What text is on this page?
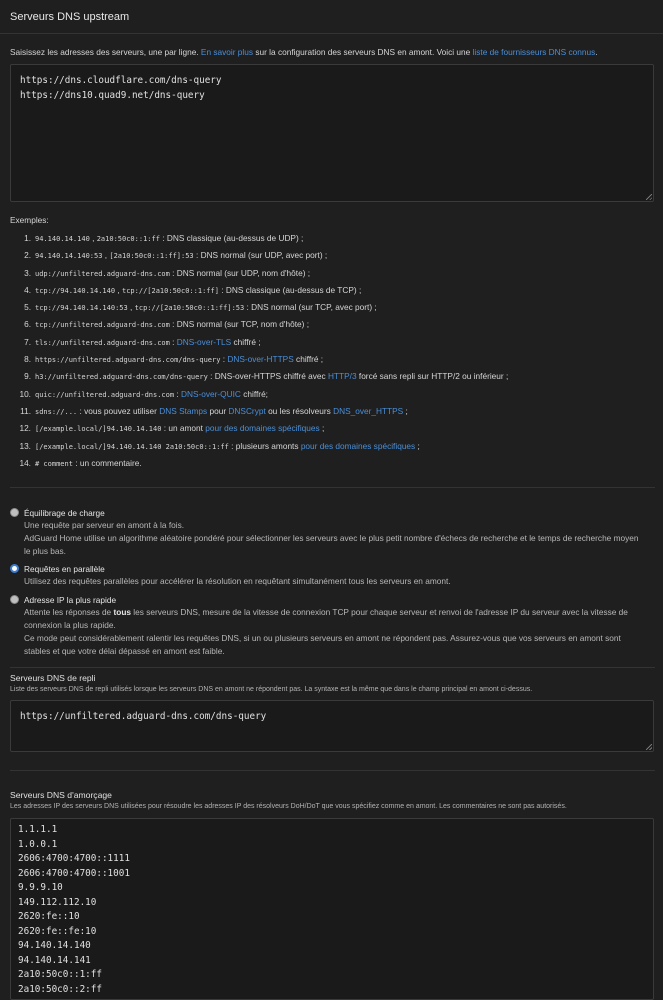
Serveurs DNS upstream
Saisissez les adresses des serveurs, une par ligne. En savoir plus sur la configuration des serveurs DNS en amont. Voici une liste de fournisseurs DNS connus.
https://dns.cloudflare.com/dns-query
https://dns10.quad9.net/dns-query
Exemples:
1. 94.140.14.140 , 2a10:50c0::1:ff : DNS classique (au-dessus de UDP) ;
2. 94.140.14.140:53 , [2a10:50c0::1:ff]:53 : DNS normal (sur UDP, avec port) ;
3. udp://unfiltered.adguard-dns.com : DNS normal (sur UDP, nom d'hôte) ;
4. tcp://94.140.14.140 , tcp://[2a10:50c0::1:ff] : DNS classique (au-dessus de TCP) ;
5. tcp://94.140.14.140:53 , tcp://[2a10:50c0::1:ff]:53 : DNS normal (sur TCP, avec port) ;
6. tcp://unfiltered.adguard-dns.com : DNS normal (sur TCP, nom d'hôte) ;
7. tls://unfiltered.adguard-dns.com : DNS-over-TLS chiffré ;
8. https://unfiltered.adguard-dns.com/dns-query : DNS-over-HTTPS chiffré ;
9. h3://unfiltered.adguard-dns.com/dns-query : DNS-over-HTTPS chiffré avec HTTP/3 forcé sans repli sur HTTP/2 ou inférieur ;
10. quic://unfiltered.adguard-dns.com : DNS-over-QUIC chiffré;
11. sdns://... : vous pouvez utiliser DNS Stamps pour DNSCrypt ou les résolveurs DNS_over_HTTPS ;
12. [/example.local/]94.140.14.140 : un amont pour des domaines spécifiques ;
13. [/example.local/]94.140.14.140 2a10:50c0::1:ff : plusieurs amonts pour des domaines spécifiques ;
14. # comment : un commentaire.
Équilibrage de charge
Une requête par serveur en amont à la fois.
AdGuard Home utilise un algorithme aléatoire pondéré pour sélectionner les serveurs avec le plus petit nombre d'échecs de recherche et le temps de recherche moyen le plus bas.
Requêtes en parallèle
Utilisez des requêtes parallèles pour accélérer la résolution en requêtant simultanément tous les serveurs en amont.
Adresse IP la plus rapide
Attente les réponses de tous les serveurs DNS, mesure de la vitesse de connexion TCP pour chaque serveur et renvoi de l'adresse IP du serveur avec la vitesse de connexion la plus rapide.
Ce mode peut considérablement ralentir les requêtes DNS, si un ou plusieurs serveurs en amont ne répondent pas. Assurez-vous que vos serveurs en amont sont stables et que votre délai dépassé en amont est faible.
Serveurs DNS de repli
Liste des serveurs DNS de repli utilisés lorsque les serveurs DNS en amont ne répondent pas. La syntaxe est la même que dans le champ principal en amont ci-dessus.
https://unfiltered.adguard-dns.com/dns-query
Serveurs DNS d'amorçage
Les adresses IP des serveurs DNS utilisées pour résoudre les adresses IP des résolveurs DoH/DoT que vous spécifiez comme en amont. Les commentaires ne sont pas autorisés.
1.1.1.1
1.0.0.1
2606:4700:4700::1111
2606:4700:4700::1001
9.9.9.10
149.112.112.10
2620:fe::10
2620:fe::fe:10
94.140.14.140
94.140.14.141
2a10:50c0::1:ff
2a10:50c0::2:ff
